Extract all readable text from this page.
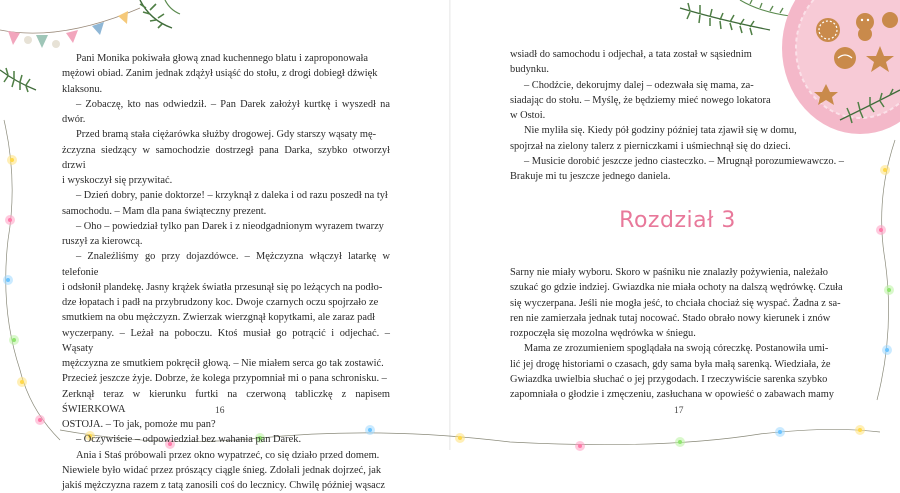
Pani Monika pokiwała głową znad kuchennego blatu i zaproponowała

mężowi obiad. Zanim jednak zdążył usiąść do stołu, z drogi dobiegł dźwięk

klaksonu.

– Zobaczę, kto nas odwiedził. – Pan Darek założył kurtkę i wyszedł na dwór.

Przed bramą stała ciężarówka służby drogowej. Gdy starszy wąsaty mę-

żczyzna siedzący w samochodzie dostrzegł pana Darka, szybko otworzył drzwi

i wyskoczył się przywitać.

– Dzień dobry, panie doktorze! – krzyknął z daleka i od razu poszedł na tył

samochodu. – Mam dla pana świąteczny prezent.

– Oho – powiedział tylko pan Darek i z nieodgadnionym wyrazem twarzy

ruszył za kierowcą.

– Znaleźliśmy go przy dojazdówce. – Mężczyzna włączył latarkę w telefonie

i odsłonił plandekę. Jasny krążek światła przesunął się po leżących na podło-

dze łopatach i padł na przybrudzony koc. Dwoje czarnych oczu spojrzało ze

smutkiem na obu mężczyzn. Zwierzak wierzgnął kopytkami, ale zaraz padł

wyczerpany. – Leżał na poboczu. Ktoś musiał go potrącić i odjechać. – Wąsaty

mężczyzna ze smutkiem pokręcił głową. – Nie miałem serca go tak zostawić.

Przecież jeszcze żyje. Dobrze, że kolega przypomniał mi o pana schronisku. –

Zerknął teraz w kierunku furtki na czerwoną tabliczkę z napisem ŚWIERKOWA

OSTOJA. – To jak, pomoże mu pan?

– Oczywiście – odpowiedział bez wahania pan Darek.

Ania i Staś próbowali przez okno wypatrzeć, co się działo przed domem.

Niewiele było widać przez prószący ciągle śnieg. Zdołali jednak dojrzeć, jak

jakiś mężczyzna razem z tatą zanosili coś do lecznicy. Chwilę później wąsacz

16

wsiadł do samochodu i odjechał, a tata został w sąsiednim

budynku.

– Chodźcie, dekorujmy dalej – odezwała się mama, za-

siadając do stołu. – Myślę, że będziemy mieć nowego lokatora

w Ostoi.

Nie myliła się. Kiedy pół godziny później tata zjawił się w domu,

spojrzał na zielony talerz z pierniczkami i uśmiechnął się do dzieci.

– Musicie dorobić jeszcze jedno ciasteczko. – Mrugnął porozumiewawczo. –

Brakuje mi tu jeszcze jednego daniela.

Rozdział 3

Sarny nie miały wyboru. Skoro w paśniku nie znalazły pożywienia, należało

szukać go gdzie indziej. Gwiazdka nie miała ochoty na dalszą wędrówkę. Czuła

się wyczerpana. Jeśli nie mogła jeść, to chciała chociaż się wyspać. Żadna z sa-

ren nie zamierzała jednak tutaj nocować. Stado obrało nowy kierunek i znów

rozpoczęła się mozolna wędrówka w śniegu.

Mama ze zrozumieniem spoglądała na swoją córeczkę. Postanowiła umi-

lić jej drogę historiami o czasach, gdy sama była małą sarenką. Wiedziała, że

Gwiazdka uwielbia słuchać o jej przygodach. I rzeczywiście sarenka szybko

zapomniała o głodzie i zmęczeniu, zasłuchana w opowieść o zabawach mamy

17
